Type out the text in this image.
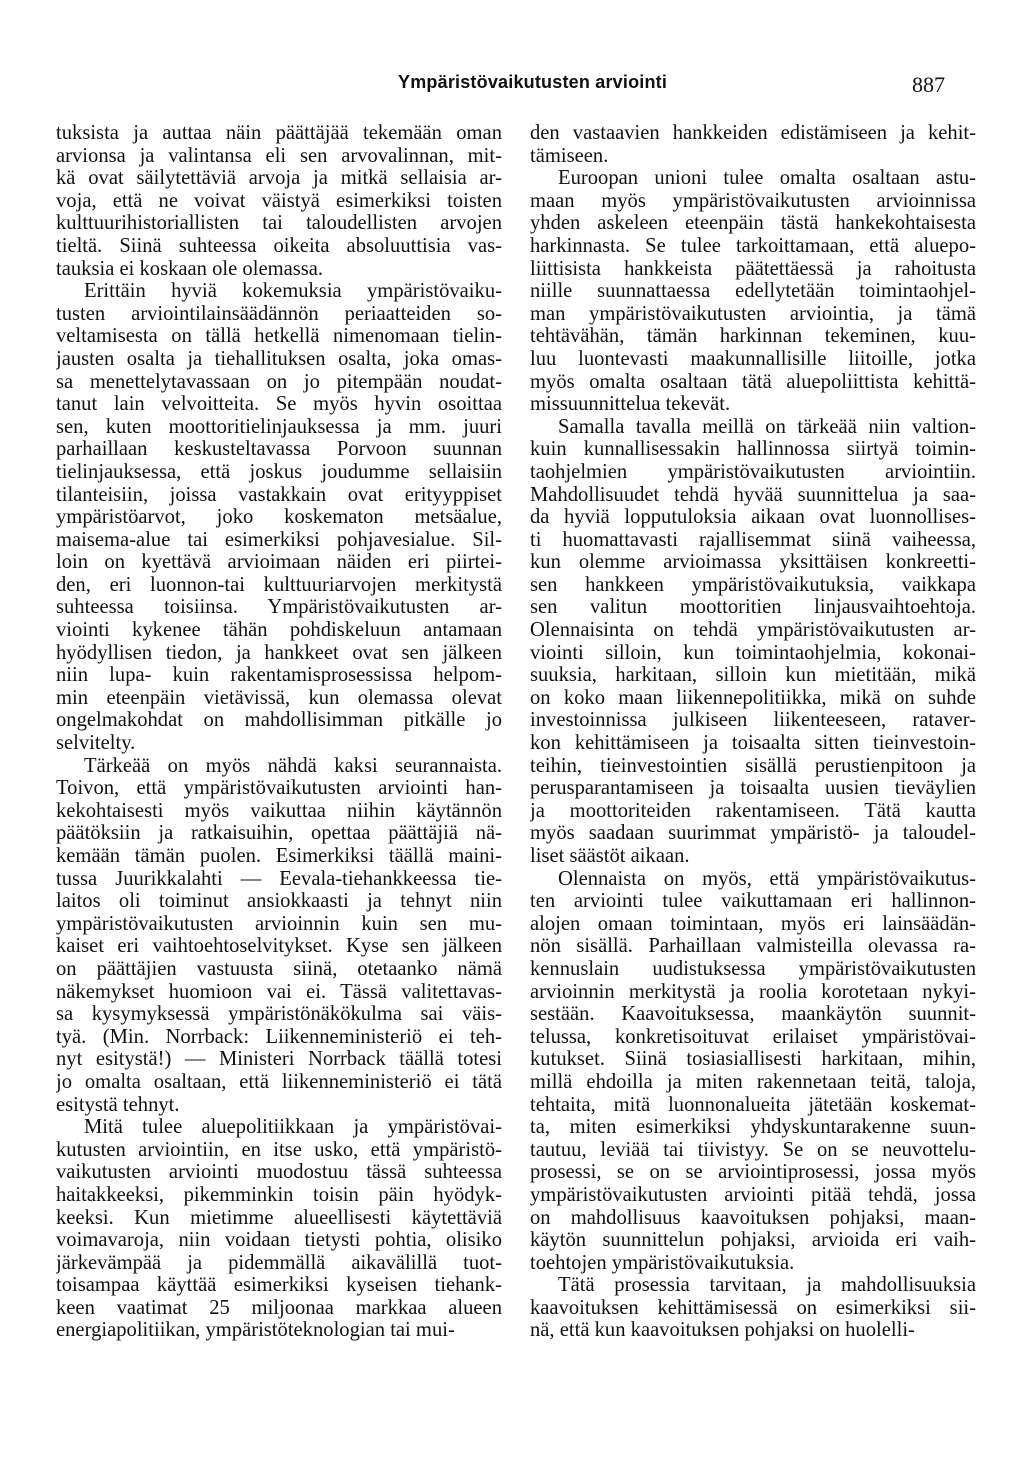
Ympäristövaikutusten arviointi	887
tuksista ja auttaa näin päättäjää tekemään oman
arvionsa ja valintansa eli sen arvovalinnan, mit-
kä ovat säilytettäviä arvoja ja mitkä sellaisia ar-
voja, että ne voivat väistyä esimerkiksi toisten
kulttuurihistoriallisten tai taloudellisten arvojen
tieltä. Siinä suhteessa oikeita absoluuttisia vas-
tauksia ei koskaan ole olemassa.
Erittäin hyviä kokemuksia ympäristövaiku-
tusten arviointilainsäädännön periaatteiden so-
veltamisesta on tällä hetkellä nimenomaan tielin-
jausten osalta ja tiehallituksen osalta, joka omas-
sa menettelytavassaan on jo pitempään noudat-
tanut lain velvoitteita. Se myös hyvin osoittaa
sen, kuten moottoritielinjauksessa ja mm. juuri
parhaillaan keskusteltavassa Porvoon suunnan
tielinjauksessa, että joskus joudumme sellaisiin
tilanteisiin, joissa vastakkain ovat erityyppiset
ympäristöarvot, joko koskematon metsäalue,
maisema-alue tai esimerkiksi pohjavesialue. Sil-
loin on kyettävä arvioimaan näiden eri piirtei-
den, eri luonnon-tai kulttuuriarvojen merkitystä
suhteessa toisiinsa. Ympäristövaikutusten ar-
viointi kykenee tähän pohdiskeluun antamaan
hyödyllisen tiedon, ja hankkeet ovat sen jälkeen
niin lupa- kuin rakentamisprosessissa helpom-
min eteenpäin vietävissä, kun olemassa olevat
ongelmakohdat on mahdollisimman pitkälle jo
selvitelty.
Tärkeää on myös nähdä kaksi seurannaista.
Toivon, että ympäristövaikutusten arviointi han-
kekohtaisesti myös vaikuttaa niihin käytännön
päätöksiin ja ratkaisuihin, opettaa päättäjiä nä-
kemään tämän puolen. Esimerkiksi täällä maini-
tussa Juurikkalahti — Eevala-tiehankkeessa tie-
laitos oli toiminut ansiokkaasti ja tehnyt niin
ympäristövaikutusten arvioinnin kuin sen mu-
kaiset eri vaihtoehtoselvitykset. Kyse sen jälkeen
on päättäjien vastuusta siinä, otetaanko nämä
näkemykset huomioon vai ei. Tässä valitettavas-
sa kysymyksessä ympäristönäkökulma sai väis-
tyä. (Min. Norrback: Liikenneministeriö ei teh-
nyt esitystä!) — Ministeri Norrback täällä totesi
jo omalta osaltaan, että liikenneministeriö ei tätä
esitystä tehnyt.
Mitä tulee aluepolitiikkaan ja ympäristövai-
kutusten arviointiin, en itse usko, että ympäristö-
vaikutusten arviointi muodostuu tässä suhteessa
haitakkeeksi, pikemminkin toisin päin hyödyk-
keeksi. Kun mietimme alueellisesti käytettäviä
voimavaroja, niin voidaan tietysti pohtia, olisiko
järkevämpää ja pidemmällä aikavälillä tuot-
toisampaa käyttää esimerkiksi kyseisen tiehank-
keen vaatimat 25 miljoonaa markkaa alueen
energiapolitiikan, ympäristöteknologian tai mui-
den vastaavien hankkeiden edistämiseen ja kehit-
tämiseen.
Euroopan unioni tulee omalta osaltaan astu-
maan myös ympäristövaikutusten arvioinnissa
yhden askeleen eteenpäin tästä hankekohtaisesta
harkinnasta. Se tulee tarkoittamaan, että aluepo-
liittisista hankkeista päätettäessä ja rahoitusta
niille suunnattaessa edellytetään toimintaohjel-
man ympäristövaikutusten arviointia, ja tämä
tehtävähän, tämän harkinnan tekeminen, kuu-
luu luontevasti maakunnallisille liitoille, jotka
myös omalta osaltaan tätä aluepoliittista kehittä-
missuunnittelua tekevät.
Samalla tavalla meillä on tärkeää niin valtion-
kuin kunnallisessakin hallinnossa siirtyä toimin-
taohjelmien ympäristövaikutusten arviointiin.
Mahdollisuudet tehdä hyvää suunnittelua ja saa-
da hyviä lopputuloksia aikaan ovat luonnollises-
ti huomattavasti rajallisemmat siinä vaiheessa,
kun olemme arvioimassa yksittäisen konkreetti-
sen hankkeen ympäristövaikutuksia, vaikkapa
sen valitun moottoritien linjausvaihtoehtoja.
Olennaisinta on tehdä ympäristövaikutusten ar-
viointi silloin, kun toimintaohjelmia, kokonai-
suuksia, harkitaan, silloin kun mietitään, mikä
on koko maan liikennepolitiikka, mikä on suhde
investoinnissa julkiseen liikenteeseen, rataver-
kon kehittämiseen ja toisaalta sitten tieinvestoin-
teihin, tieinvestointien sisällä perustienpitoon ja
perusparantamiseen ja toisaalta uusien tieväylien
ja moottoriteiden rakentamiseen. Tätä kautta
myös saadaan suurimmat ympäristö- ja taloudel-
liset säästöt aikaan.
Olennaista on myös, että ympäristövaikutus-
ten arviointi tulee vaikuttamaan eri hallinnon-
alojen omaan toimintaan, myös eri lainsäädän-
nön sisällä. Parhaillaan valmisteilla olevassa ra-
kennuslain uudistuksessa ympäristövaikutusten
arvioinnin merkitystä ja roolia korotetaan nykyi-
sestään. Kaavoituksessa, maankäytön suunnit-
telussa, konkretisoituvat erilaiset ympäristövai-
kutukset. Siinä tosiasiallisesti harkitaan, mihin,
millä ehdoilla ja miten rakennetaan teitä, taloja,
tehtaita, mitä luonnonalueita jätetään koskemat-
ta, miten esimerkiksi yhdyskuntarakenne suun-
tautuu, leviää tai tiivistyy. Se on se neuvottelu-
prosessi, se on se arviointiprosessi, jossa myös
ympäristövaikutusten arviointi pitää tehdä, jossa
on mahdollisuus kaavoituksen pohjaksi, maan-
käytön suunnittelun pohjaksi, arvioida eri vaih-
toehtojen ympäristövaikutuksia.
Tätä prosessia tarvitaan, ja mahdollisuuksia
kaavoituksen kehittämisessä on esimerkiksi sii-
nä, että kun kaavoituksen pohjaksi on huolelli-
